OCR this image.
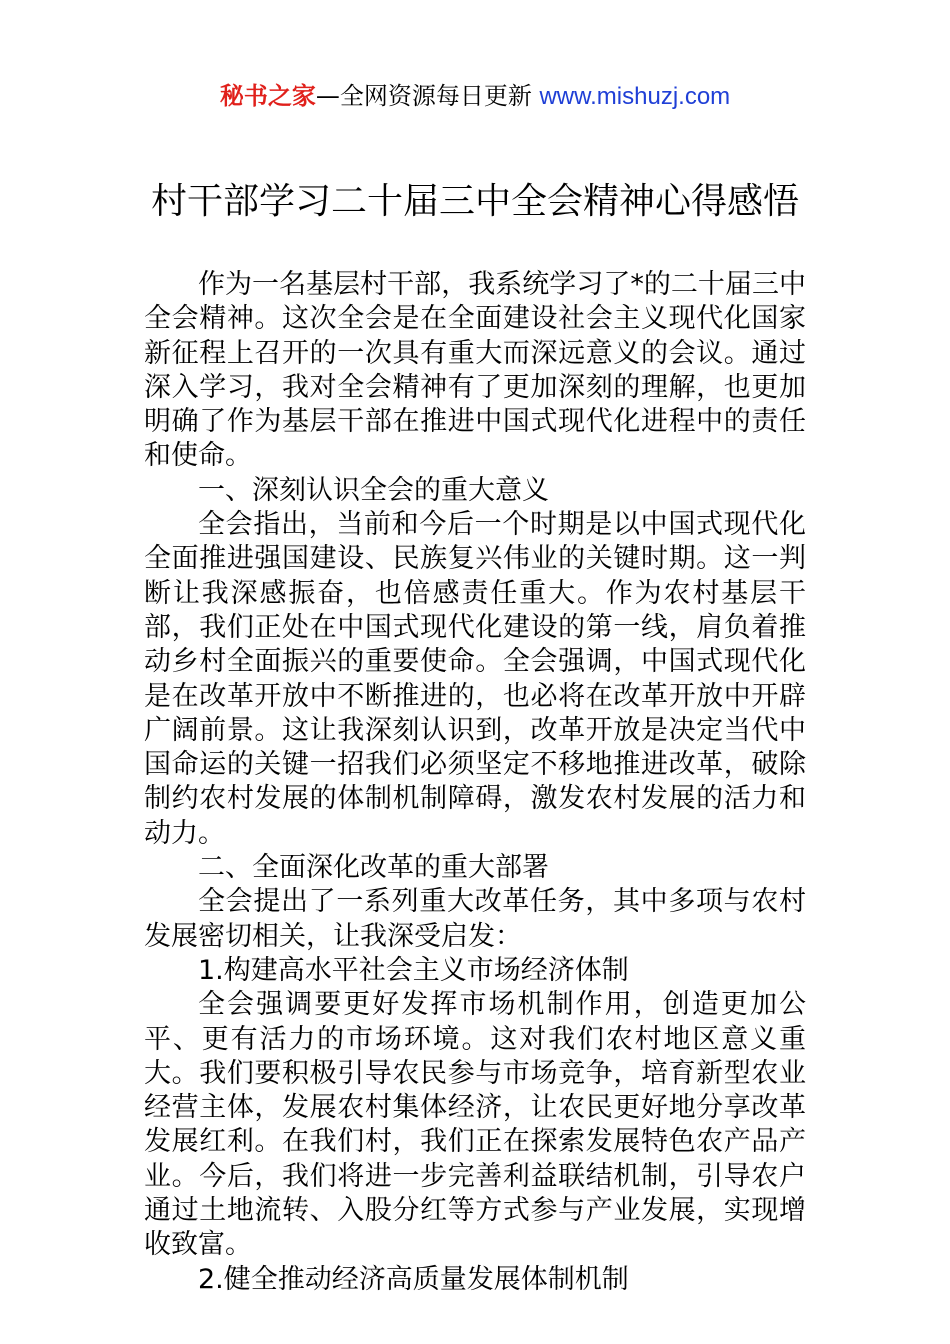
秘书之家—全网资源每日更新 www.mishuzj.com
村干部学习二十届三中全会精神心得感悟

作为一名基层村干部，我系统学习了*的二十届三中全会精神。这次全会是在全面建设社会主义现代化国家新征程上召开的一次具有重大而深远意义的会议。通过深入学习，我对全会精神有了更加深刻的理解，也更加明确了作为基层干部在推进中国式现代化进程中的责任和使命。

一、深刻认识全会的重大意义

全会指出，当前和今后一个时期是以中国式现代化全面推进强国建设、民族复兴伟业的关键时期。这一判断让我深感振奋，也倍感责任重大。作为农村基层干部，我们正处在中国式现代化建设的第一线，肩负着推动乡村全面振兴的重要使命。全会强调，中国式现代化是在改革开放中不断推进的，也必将在改革开放中开辟广阔前景。这让我深刻认识到，改革开放是决定当代中国命运的关键一招我们必须坚定不移地推进改革，破除制约农村发展的体制机制障碍，激发农村发展的活力和动力。

二、全面深化改革的重大部署

全会提出了一系列重大改革任务，其中多项与农村发展密切相关，让我深受启发：

1.构建高水平社会主义市场经济体制

全会强调要更好发挥市场机制作用，创造更加公平、更有活力的市场环境。这对我们农村地区意义重大。我们要积极引导农民参与市场竞争，培育新型农业经营主体，发展农村集体经济，让农民更好地分享改革发展红利。在我们村，我们正在探索发展特色农产品产业。今后，我们将进一步完善利益联结机制，引导农户通过土地流转、入股分红等方式参与产业发展，实现增收致富。

2.健全推动经济高质量发展体制机制
